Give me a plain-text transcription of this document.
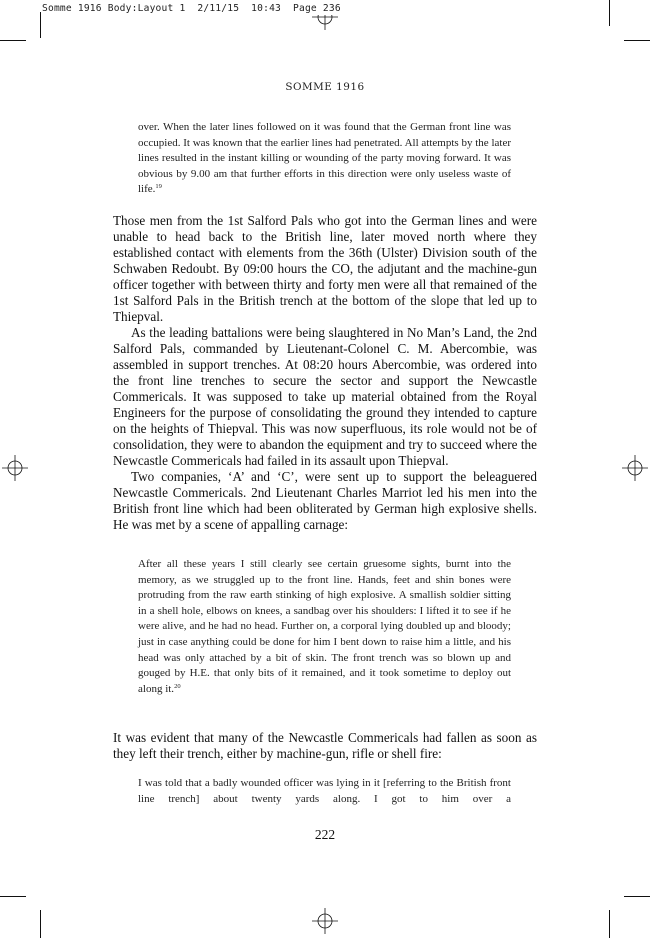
Somme 1916 Body:Layout 1  2/11/15  10:43  Page 236
SOMME 1916

over. When the later lines followed on it was found that the German front line was occupied. It was known that the earlier lines had penetrated. All attempts by the later lines resulted in the instant killing or wounding of the party moving forward. It was obvious by 9.00 am that further efforts in this direction were only useless waste of life.$^{19}$

Those men from the 1st Salford Pals who got into the German lines and were unable to head back to the British line, later moved north where they established contact with elements from the 36th (Ulster) Division south of the Schwaben Redoubt. By 09:00 hours the CO, the adjutant and the machine-gun officer together with between thirty and forty men were all that remained of the 1st Salford Pals in the British trench at the bottom of the slope that led up to Thiepval.

As the leading battalions were being slaughtered in No Man’s Land, the 2nd Salford Pals, commanded by Lieutenant-Colonel C. M. Abercombie, was assembled in support trenches. At 08:20 hours Abercombie, was ordered into the front line trenches to secure the sector and support the Newcastle Commericals. It was supposed to take up material obtained from the Royal Engineers for the purpose of consolidating the ground they intended to capture on the heights of Thiepval. This was now superfluous, its role would not be of consolidation, they were to abandon the equipment and try to succeed where the Newcastle Commericals had failed in its assault upon Thiepval.

Two companies, ‘A’ and ‘C’, were sent up to support the beleaguered Newcastle Commericals. 2nd Lieutenant Charles Marriot led his men into the British front line which had been obliterated by German high explosive shells. He was met by a scene of appalling carnage:

After all these years I still clearly see certain gruesome sights, burnt into the memory, as we struggled up to the front line. Hands, feet and shin bones were protruding from the raw earth stinking of high explosive. A smallish soldier sitting in a shell hole, elbows on knees, a sandbag over his shoulders: I lifted it to see if he were alive, and he had no head. Further on, a corporal lying doubled up and bloody; just in case anything could be done for him I bent down to raise him a little, and his head was only attached by a bit of skin. The front trench was so blown up and gouged by H.E. that only bits of it remained, and it took sometime to deploy out along it.$^{20}$

It was evident that many of the Newcastle Commericals had fallen as soon as they left their trench, either by machine-gun, rifle or shell fire:

I was told that a badly wounded officer was lying in it [referring to the British front line trench] about twenty yards along. I got to him over a

222
